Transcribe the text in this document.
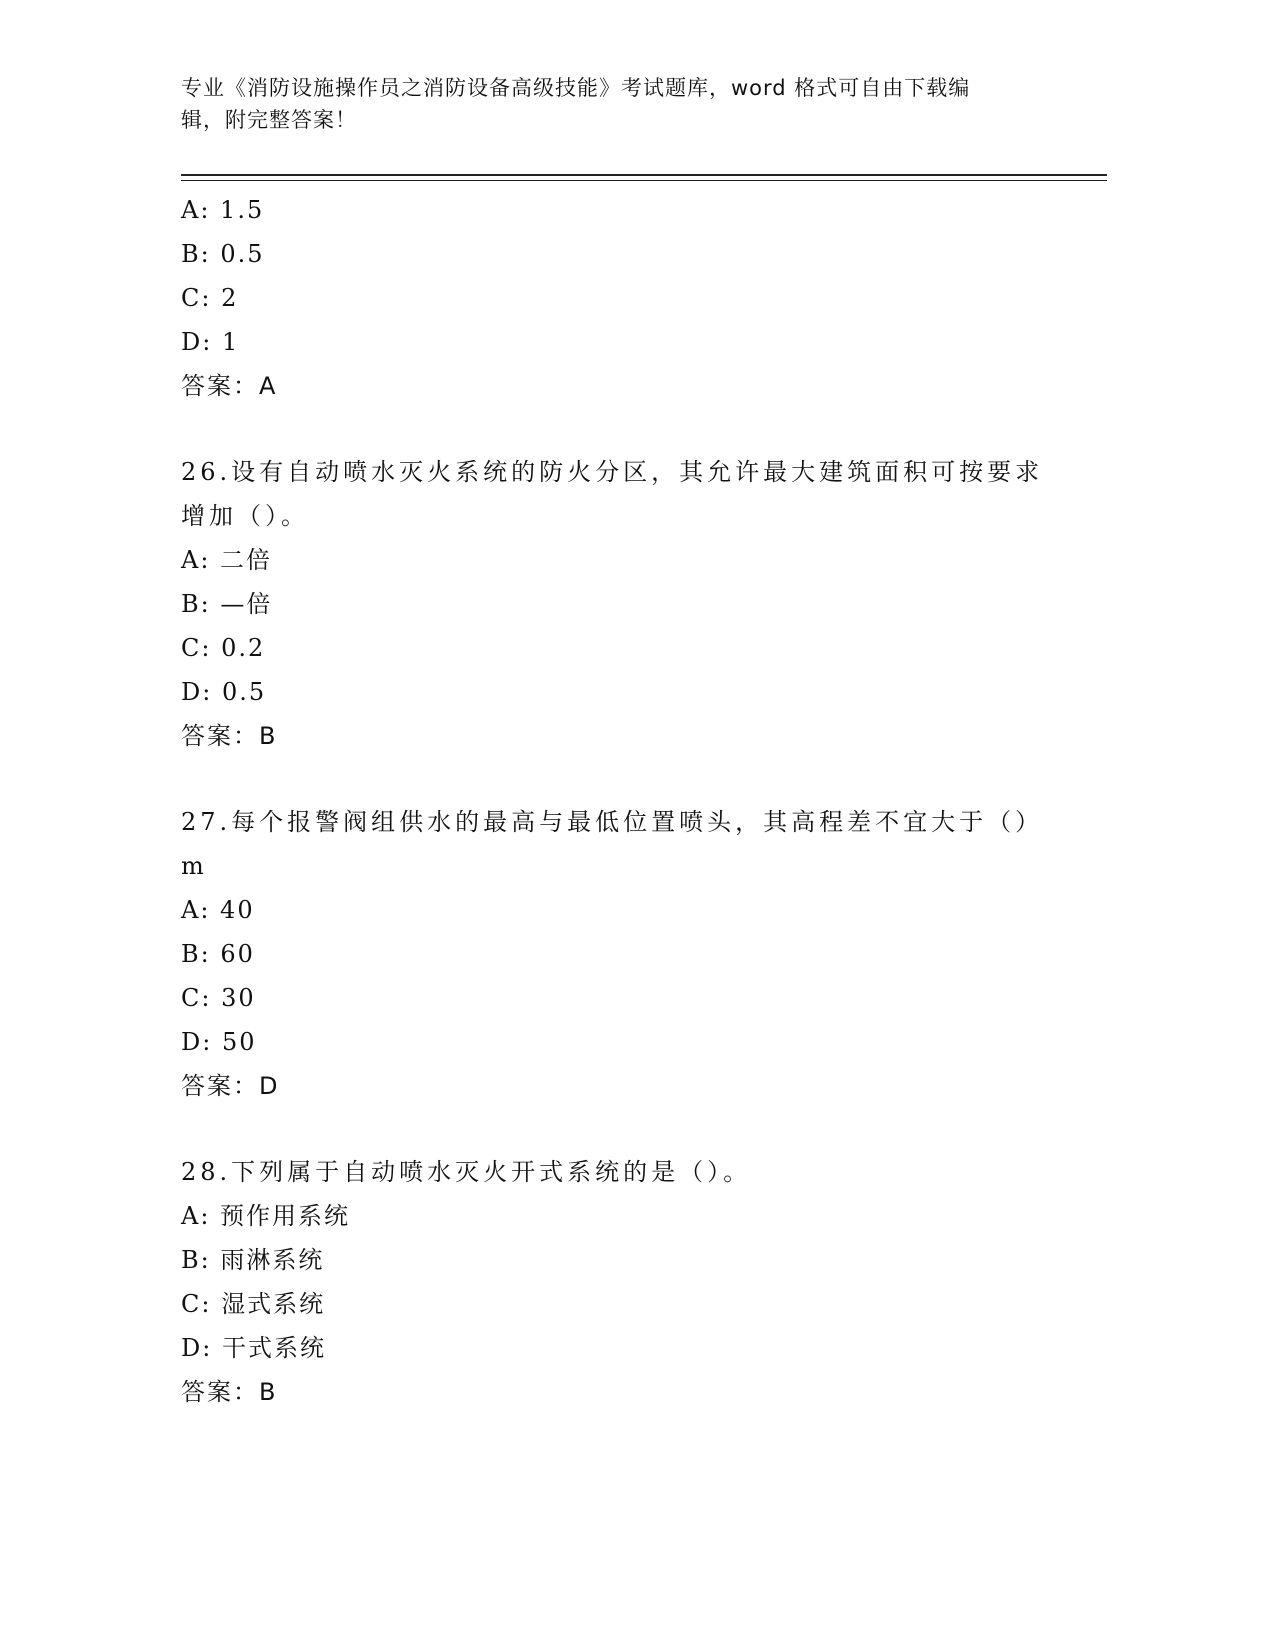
专业《消防设施操作员之消防设备高级技能》考试题库，word 格式可自由下载编
辑，附完整答案！
A: 1.5
B: 0.5
C: 2
D: 1
答案：A
26.设有自动喷水灭火系统的防火分区，其允许最大建筑面积可按要求
增加（）。
A: 二倍
B: —倍
C: 0.2
D: 0.5
答案：B
27.每个报警阀组供水的最高与最低位置喷头，其高程差不宜大于（）
m
A: 40
B: 60
C: 30
D: 50
答案：D
28.下列属于自动喷水灭火开式系统的是（）。
A: 预作用系统
B: 雨淋系统
C: 湿式系统
D: 干式系统
答案：B
